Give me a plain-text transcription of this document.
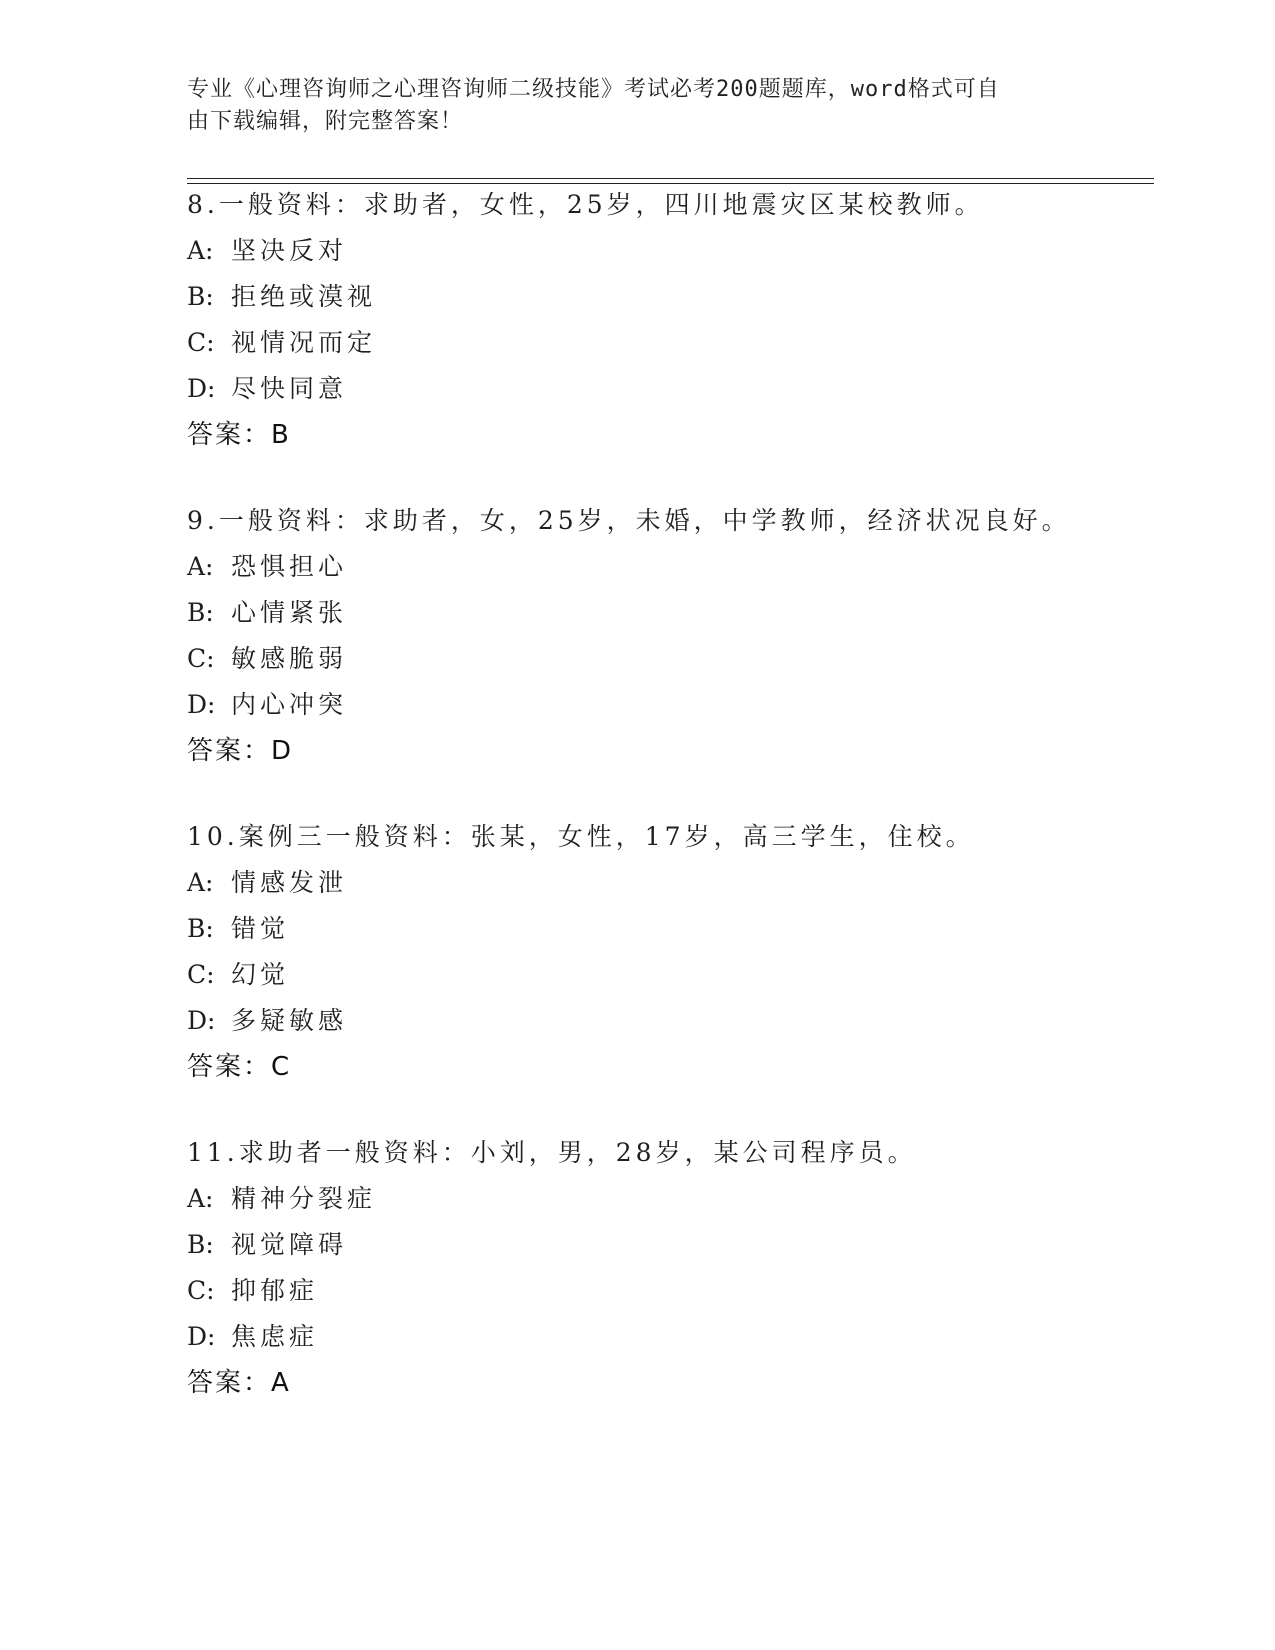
专业《心理咨询师之心理咨询师二级技能》考试必考200题题库，word格式可自
由下载编辑，附完整答案！
8.一般资料：求助者，女性，25岁，四川地震灾区某校教师。
A: 坚决反对
B: 拒绝或漠视
C: 视情况而定
D: 尽快同意
答案：B
9.一般资料：求助者，女，25岁，未婚，中学教师，经济状况良好。
A: 恐惧担心
B: 心情紧张
C: 敏感脆弱
D: 内心冲突
答案：D
10.案例三一般资料：张某，女性，17岁，高三学生，住校。
A: 情感发泄
B: 错觉
C: 幻觉
D: 多疑敏感
答案：C
11.求助者一般资料：小刘，男，28岁，某公司程序员。
A: 精神分裂症
B: 视觉障碍
C: 抑郁症
D: 焦虑症
答案：A
